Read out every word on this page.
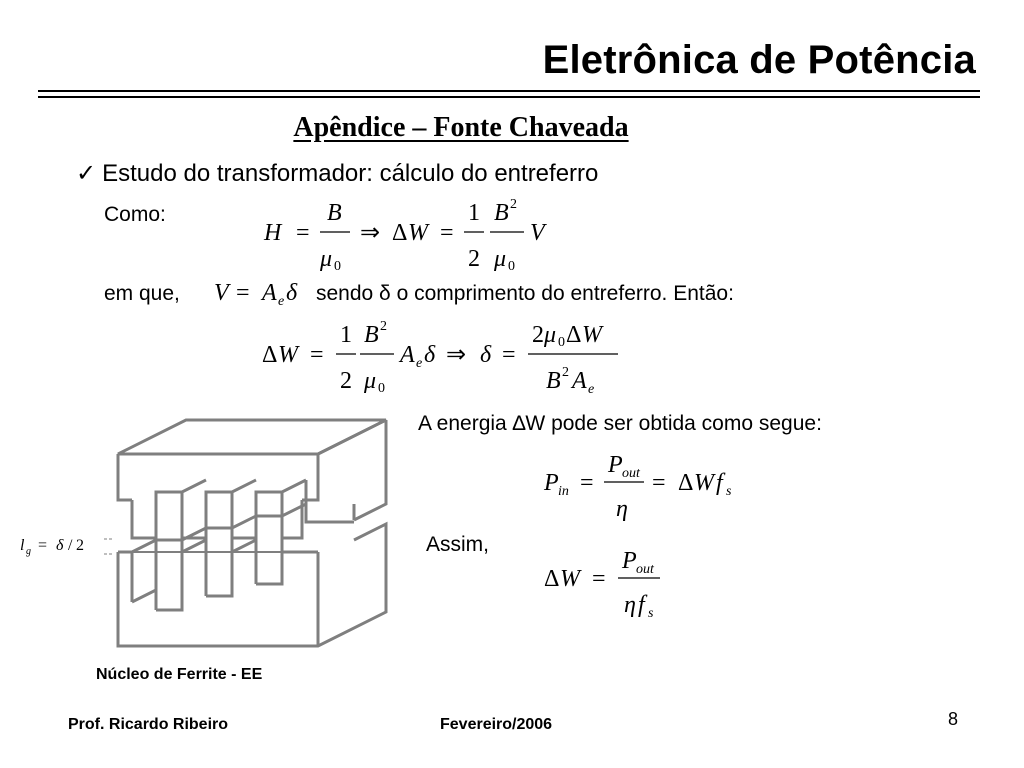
Eletrônica de Potência
Apêndice – Fonte Chaveada
✓ Estudo do transformador: cálculo do entreferro
Como:
H =
B
μ 0
⇒ Δ W =
1
2
B 2
μ 0
V
em que, V = A e δ sendo δ o comprimento do entreferro. Então:
Δ W =
1
2
B 2
μ 0
A e δ ⇒ δ =
2 μ 0 Δ W
B 2 A e
A energia ∆W pode ser obtida como segue:
P in =
P out
η
= Δ W f s
Assim,
Δ W =
P out
η f s
l g = δ / 2
Núcleo de Ferrite - EE
Prof. Ricardo Ribeiro	Fevereiro/2006	8
